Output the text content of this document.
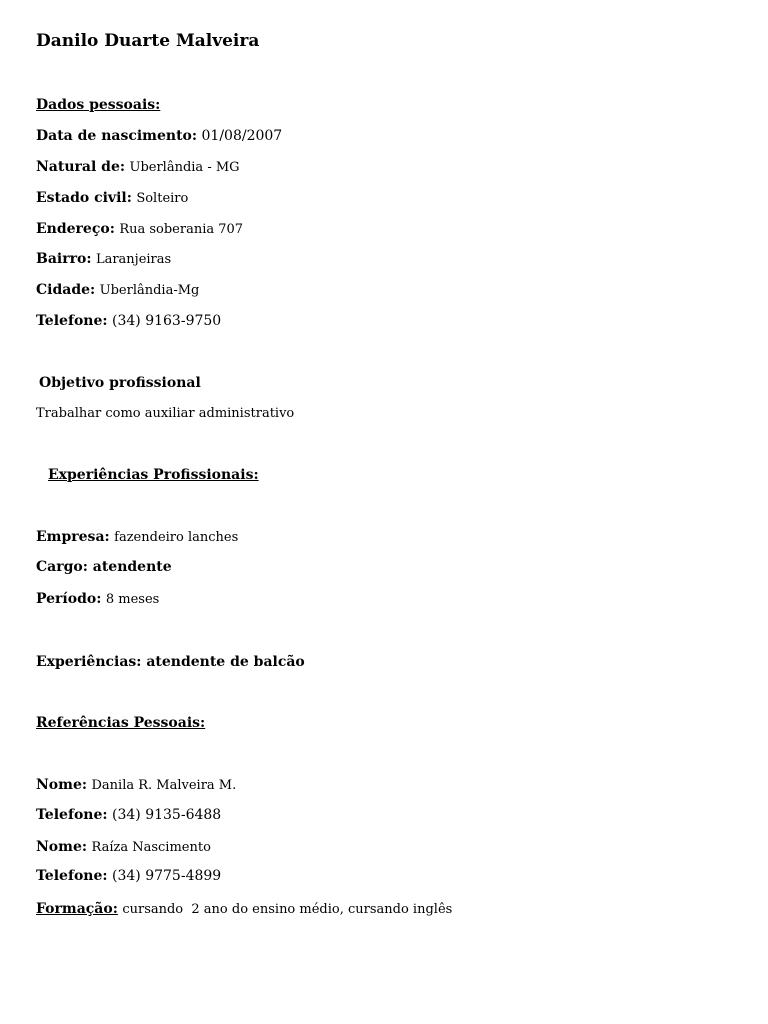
Danilo Duarte Malveira
Dados pessoais:
Data de nascimento: 01/08/2007
Natural de: Uberlândia - MG
Estado civil: Solteiro
Endereço: Rua soberania 707
Bairro: Laranjeiras
Cidade: Uberlândia-Mg
Telefone: (34) 9163-9750
Objetivo profissional
Trabalhar como auxiliar administrativo
Experiências Profissionais:
Empresa: fazendeiro lanches
Cargo: atendente
Período: 8 meses
Experiências: atendente de balcão
Referências Pessoais:
Nome: Danila R. Malveira M.
Telefone: (34) 9135-6488
Nome: Raíza Nascimento
Telefone: (34) 9775-4899
Formação: cursando  2 ano do ensino médio, cursando inglês
